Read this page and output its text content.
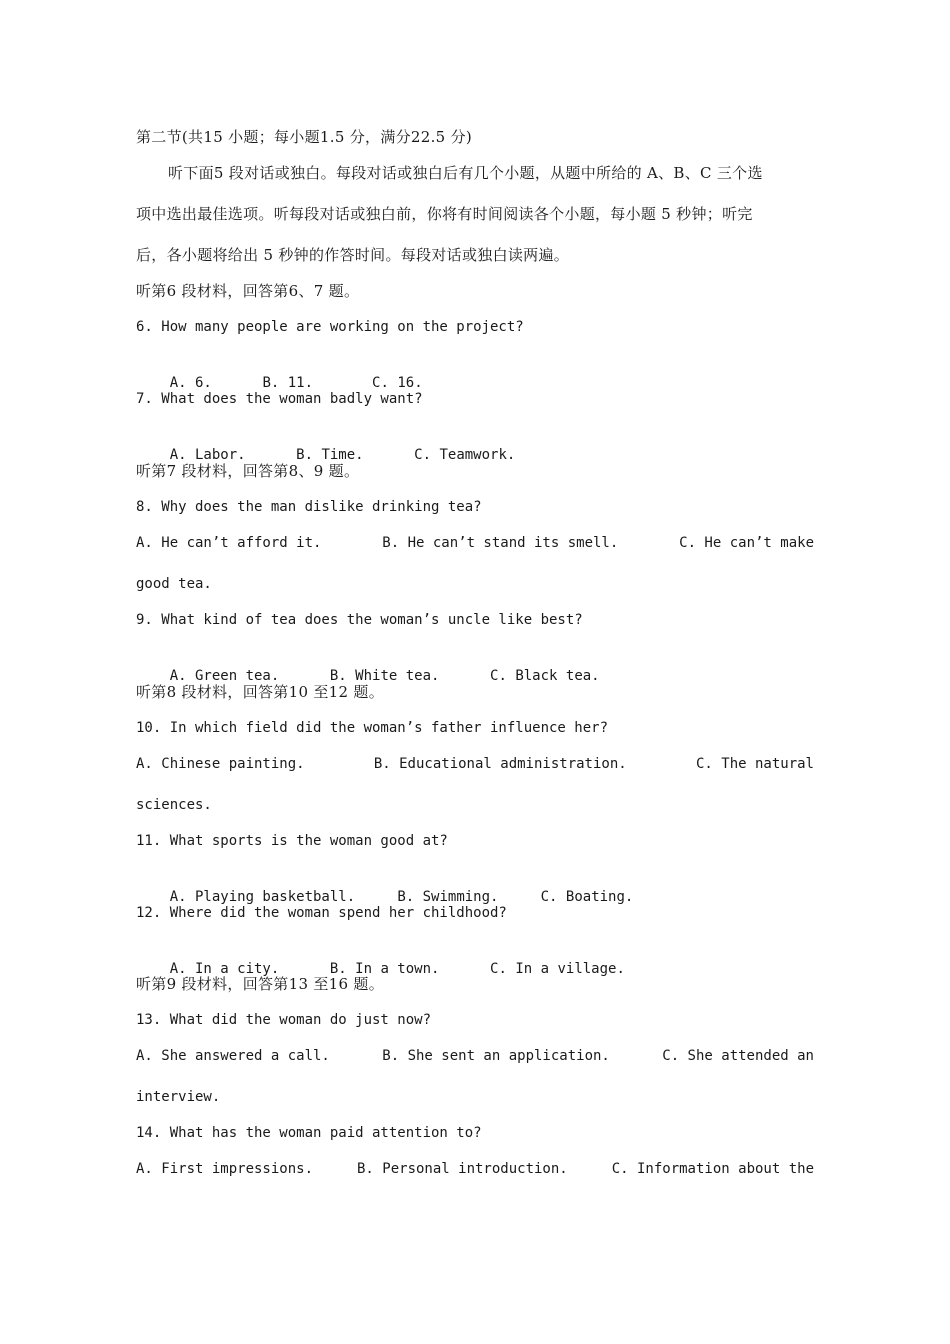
第二节(共15 小题；每小题1.5 分，满分22.5 分)
听下面5 段对话或独白。每段对话或独白后有几个小题，从题中所给的 A、B、C 三个选
项中选出最佳选项。听每段对话或独白前，你将有时间阅读各个小题，每小题 5 秒钟；听完
后，各小题将给出 5 秒钟的作答时间。每段对话或独白读两遍。
听第6 段材料，回答第6、7 题。
6. How many people are working on the project?

A. 6.	B. 11.	C. 16.

7. What does the woman badly want?

A. Labor.	B. Time.	C. Teamwork.

听第7 段材料，回答第8、9 题。
8. Why does the man dislike drinking tea?
A. He can’t afford it.	B. He can’t stand its smell.	C. He can’t make
good tea.
9. What kind of tea does the woman’s uncle like best?

A. Green tea.	B. White tea.	C. Black tea.

听第8 段材料，回答第10 至12 题。
10. In which field did the woman’s father influence her?
A. Chinese painting.	B. Educational administration.	C. The natural
sciences.
11. What sports is the woman good at?

A. Playing basketball.	B. Swimming.	C. Boating.

12. Where did the woman spend her childhood?

A. In a city.	B. In a town.	C. In a village.

听第9 段材料，回答第13 至16 题。
13. What did the woman do just now?
A. She answered a call.	B. She sent an application.	C. She attended an
interview.
14. What has the woman paid attention to?
A. First impressions.	B. Personal introduction.	C. Information about the
